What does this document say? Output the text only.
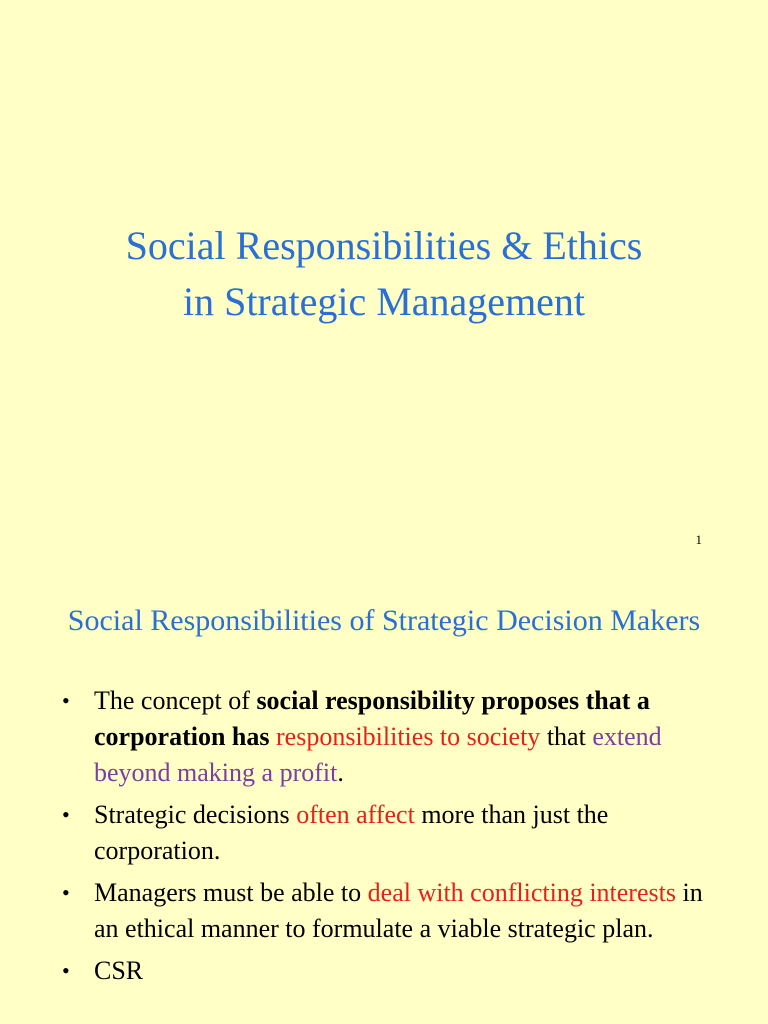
Social Responsibilities & Ethics
in Strategic Management
1
Social Responsibilities of Strategic Decision Makers
• The concept of social responsibility proposes that a corporation has responsibilities to society that extend beyond making a profit.
• Strategic decisions often affect more than just the corporation.
• Managers must be able to deal with conflicting interests in an ethical manner to formulate a viable strategic plan.
• CSR
